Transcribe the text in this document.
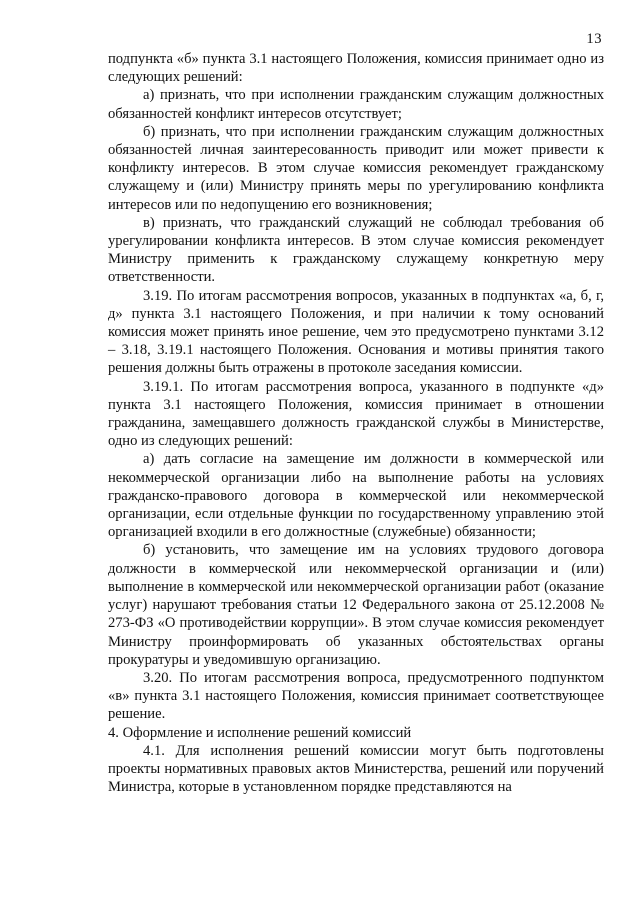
13

подпункта «б» пункта 3.1 настоящего Положения, комиссия принимает одно из следующих решений:

а) признать, что при исполнении гражданским служащим должностных обязанностей конфликт интересов отсутствует;

б) признать, что при исполнении гражданским служащим должностных обязанностей личная заинтересованность приводит или может привести к конфликту интересов. В этом случае комиссия рекомендует гражданскому служащему и (или) Министру принять меры по урегулированию конфликта интересов или по недопущению его возникновения;

в) признать, что гражданский служащий не соблюдал требования об урегулировании конфликта интересов. В этом случае комиссия рекомендует Министру применить к гражданскому служащему конкретную меру ответственности.

3.19. По итогам рассмотрения вопросов, указанных в подпунктах «а, б, г, д» пункта 3.1 настоящего Положения, и при наличии к тому оснований комиссия может принять иное решение, чем это предусмотрено пунктами 3.12 – 3.18, 3.19.1 настоящего Положения. Основания и мотивы принятия такого решения должны быть отражены в протоколе заседания комиссии.

3.19.1. По итогам рассмотрения вопроса, указанного в подпункте «д» пункта 3.1 настоящего Положения, комиссия принимает в отношении гражданина, замещавшего должность гражданской службы в Министерстве, одно из следующих решений:

а) дать согласие на замещение им должности в коммерческой или некоммерческой организации либо на выполнение работы на условиях гражданско-правового договора в коммерческой или некоммерческой организации, если отдельные функции по государственному управлению этой организацией входили в его должностные (служебные) обязанности;

б) установить, что замещение им на условиях трудового договора должности в коммерческой или некоммерческой организации и (или) выполнение в коммерческой или некоммерческой организации работ (оказание услуг) нарушают требования статьи 12 Федерального закона от 25.12.2008 № 273-ФЗ «О противодействии коррупции». В этом случае комиссия рекомендует Министру проинформировать об указанных обстоятельствах органы прокуратуры и уведомившую организацию.

3.20. По итогам рассмотрения вопроса, предусмотренного подпунктом «в» пункта 3.1 настоящего Положения, комиссия принимает соответствующее решение.

4. Оформление и исполнение решений комиссий

4.1. Для исполнения решений комиссии могут быть подготовлены проекты нормативных правовых актов Министерства, решений или поручений Министра, которые в установленном порядке представляются на
